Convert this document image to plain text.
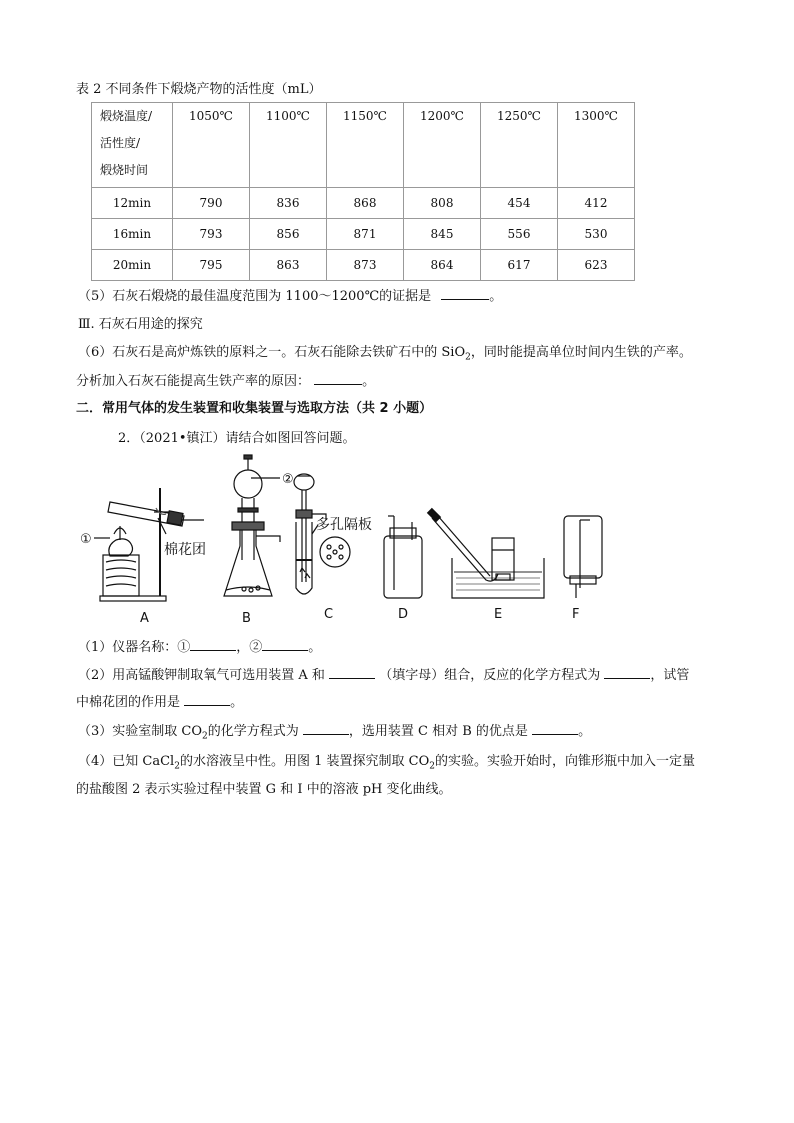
表 2 不同条件下煅烧产物的活性度（mL）
煅烧温度/
活性度/
煅烧时间	1050℃	1100℃	1150℃	1200℃	1250℃	1300℃
12min	790	836	868	808	454	412
16min	793	856	871	845	556	530
20min	795	863	873	864	617	623
（5）石灰石煅烧的最佳温度范围为 1100～1200℃的证据是	。
Ⅲ. 石灰石用途的探究
（6）石灰石是高炉炼铁的原料之一。石灰石能除去铁矿石中的 SiO$_2$，同时能提高单位时间内生铁的产率。
分析加入石灰石能提高生铁产率的原因：	。
二．常用气体的发生装置和收集装置与选取方法（共 2 小题）
2．（2021•镇江）请结合如图回答问题。
①
②
棉花团
多孔隔板
A	B	C	D	E	F
（1）仪器名称：①	，②	。
（2）用高锰酸钾制取氧气可选用装置 A 和	（填字母）组合，反应的化学方程式为	，试管
中棉花团的作用是	。
（3）实验室制取 $CO_2$的化学方程式为	，选用装置 C 相对 B 的优点是	。
（4）已知 CaCl$_2$的水溶液呈中性。用图 1 装置探究制取 $CO_2$的实验。实验开始时，向锥形瓶中加入一定量
的盐酸图 2 表示实验过程中装置 G 和 I 中的溶液 pH 变化曲线。
